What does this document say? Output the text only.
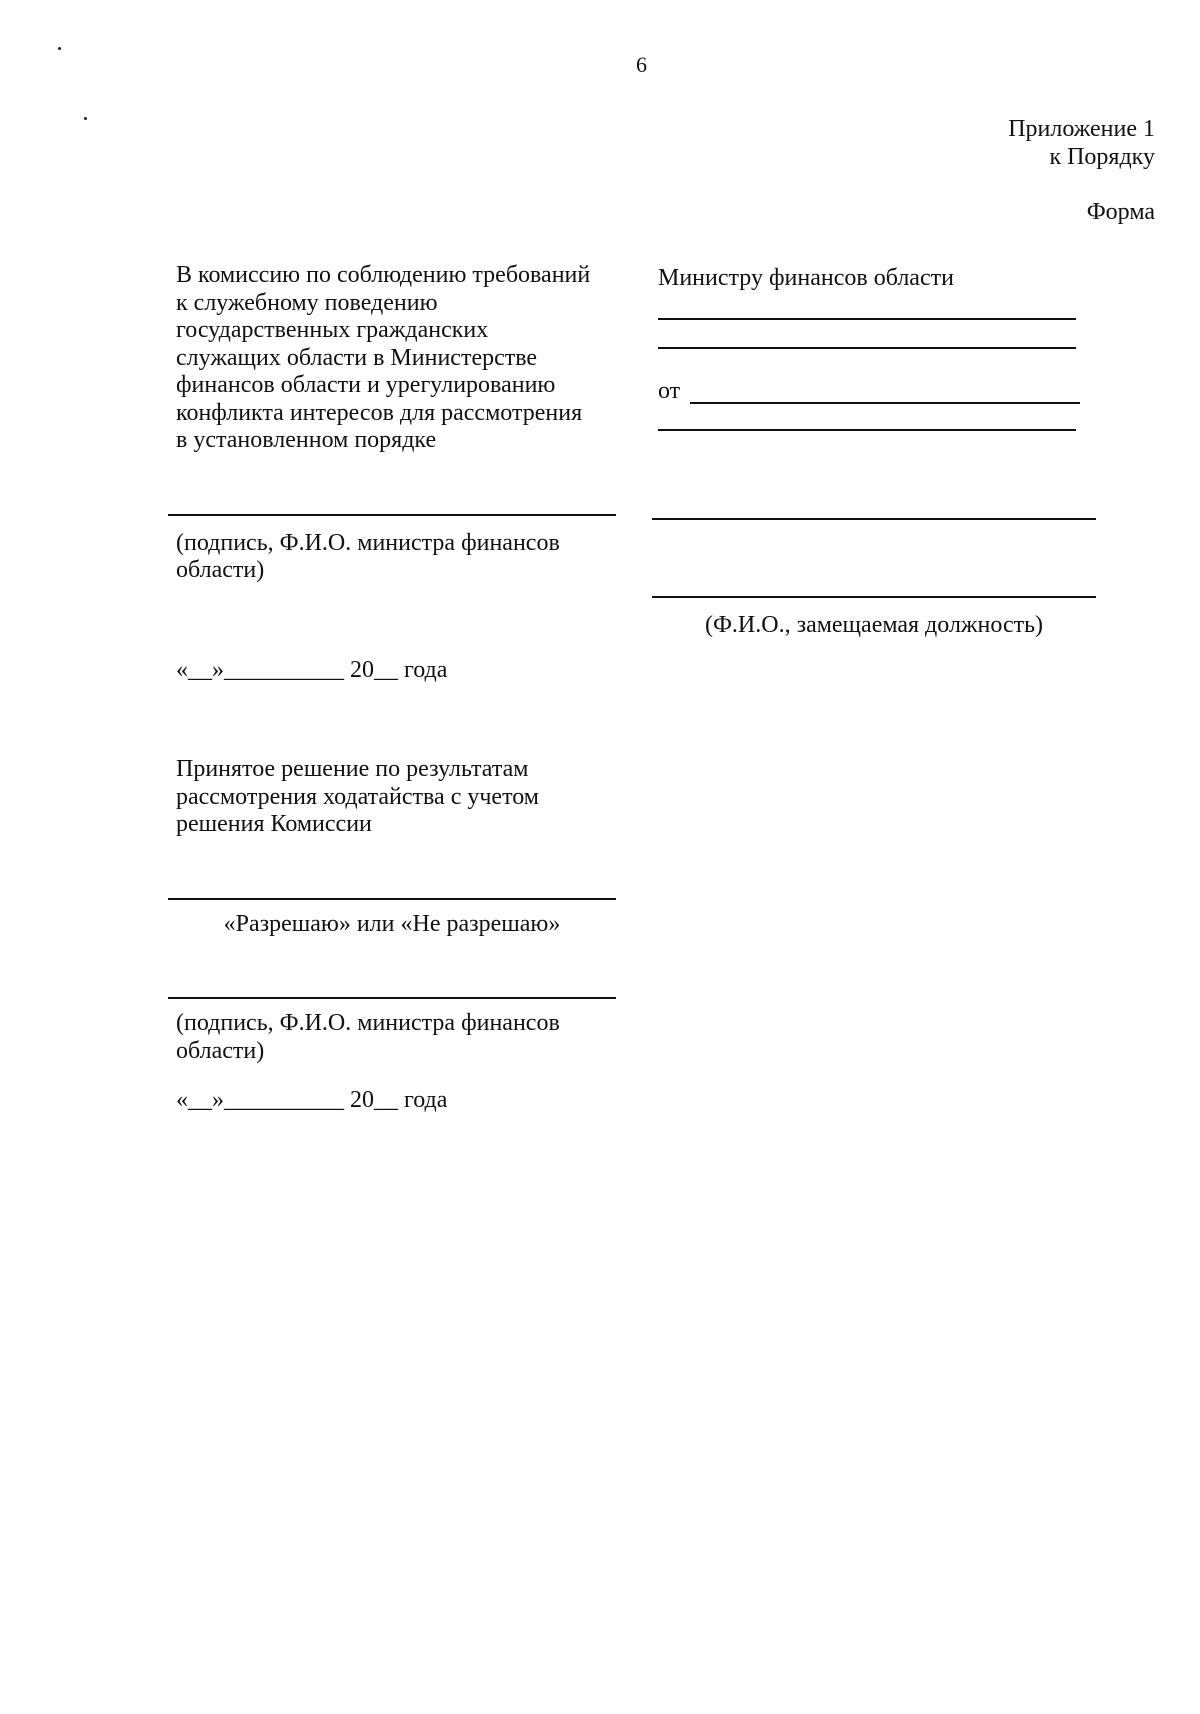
6
Приложение 1
к Порядку
Форма
В комиссию по соблюдению требований
к служебному поведению
государственных гражданских
служащих области в Министерстве
финансов области и урегулированию
конфликта интересов для рассмотрения
в установленном порядке
(подпись, Ф.И.О. министра финансов
области)
«__»__________ 20__ года
Принятое решение по результатам
рассмотрения ходатайства с учетом
решения Комиссии
«Разрешаю» или «Не разрешаю»
(подпись, Ф.И.О. министра финансов
области)
«__»__________ 20__ года
Министру финансов области
от
(Ф.И.О., замещаемая должность)
